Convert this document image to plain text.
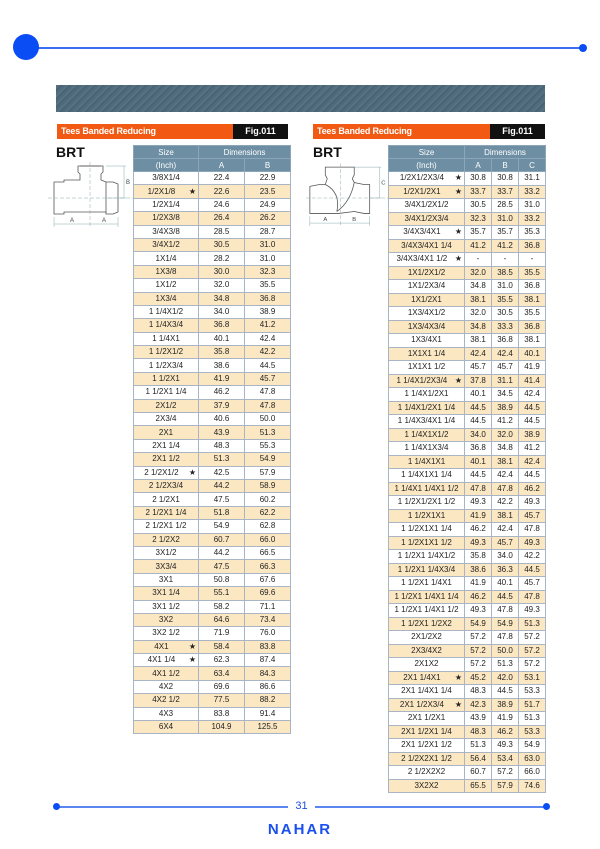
Tees Banded Reducing	Fig.011
BRT
A	A
B
Size	Dimensions	
(Inch)	A	B

3/8X1/4	22.4	22.9

1/2X1/8 ★	22.6	23.5

1/2X1/4	24.6	24.9

1/2X3/8	26.4	26.2

3/4X3/8	28.5	28.7

3/4X1/2	30.5	31.0

1X1/4	28.2	31.0

1X3/8	30.0	32.3

1X1/2	32.0	35.5

1X3/4	34.8	36.8

1 1/4X1/2	34.0	38.9

1 1/4X3/4	36.8	41.2

1 1/4X1	40.1	42.4

1 1/2X1/2	35.8	42.2

1 1/2X3/4	38.6	44.5

1 1/2X1	41.9	45.7

1 1/2X1 1/4	46.2	47.8

2X1/2	37.9	47.8

2X3/4	40.6	50.0

2X1	43.9	51.3

2X1 1/4	48.3	55.3

2X1 1/2	51.3	54.9

2 1/2X1/2 ★	42.5	57.9

2 1/2X3/4	44.2	58.9

2 1/2X1	47.5	60.2

2 1/2X1 1/4	51.8	62.2

2 1/2X1 1/2	54.9	62.8

2 1/2X2	60.7	66.0

3X1/2	44.2	66.5

3X3/4	47.5	66.3

3X1	50.8	67.6

3X1 1/4	55.1	69.6

3X1 1/2	58.2	71.1

3X2	64.6	73.4

3X2 1/2	71.9	76.0

4X1 ★	58.4	83.8

4X1 1/4 ★	62.3	87.4

4X1 1/2	63.4	84.3

4X2	69.6	86.6

4X2 1/2	77.5	88.2

4X3	83.8	91.4

6X4	104.9	125.5
Tees Banded Reducing	Fig.011
BRT
A	B
C
Size	Dimensions		
(Inch)	A	B	C

1/2X1/2X3/4 ★	30.8	30.8	31.1

1/2X1/2X1 ★	33.7	33.7	33.2

3/4X1/2X1/2	30.5	28.5	31.0

3/4X1/2X3/4	32.3	31.0	33.2

3/4X3/4X1 ★	35.7	35.7	35.3

3/4X3/4X1 1/4	41.2	41.2	36.8

3/4X3/4X1 1/2 ★	-	-	-

1X1/2X1/2	32.0	38.5	35.5

1X1/2X3/4	34.8	31.0	36.8

1X1/2X1	38.1	35.5	38.1

1X3/4X1/2	32.0	30.5	35.5

1X3/4X3/4	34.8	33.3	36.8

1X3/4X1	38.1	36.8	38.1

1X1X1 1/4	42.4	42.4	40.1

1X1X1 1/2	45.7	45.7	41.9

1 1/4X1/2X3/4 ★	37.8	31.1	41.4

1 1/4X1/2X1	40.1	34.5	42.4

1 1/4X1/2X1 1/4	44.5	38.9	44.5

1 1/4X3/4X1 1/4	44.5	41.2	44.5

1 1/4X1X1/2	34.0	32.0	38.9

1 1/4X1X3/4	36.8	34.8	41.2

1 1/4X1X1	40.1	38.1	42.4

1 1/4X1X1 1/4	44.5	42.4	44.5

1 1/4X1 1/4X1 1/2	47.8	47.8	46.2

1 1/2X1/2X1 1/2	49.3	42.2	49.3

1 1/2X1X1	41.9	38.1	45.7

1 1/2X1X1 1/4	46.2	42.4	47.8

1 1/2X1X1 1/2	49.3	45.7	49.3

1 1/2X1 1/4X1/2	35.8	34.0	42.2

1 1/2X1 1/4X3/4	38.6	36.3	44.5

1 1/2X1 1/4X1	41.9	40.1	45.7

1 1/2X1 1/4X1 1/4	46.2	44.5	47.8

1 1/2X1 1/4X1 1/2	49.3	47.8	49.3

1 1/2X1 1/2X2	54.9	54.9	51.3

2X1/2X2	57.2	47.8	57.2

2X3/4X2	57.2	50.0	57.2

2X1X2	57.2	51.3	57.2

2X1 1/4X1 ★	45.2	42.0	53.1

2X1 1/4X1 1/4	48.3	44.5	53.3

2X1 1/2X3/4 ★	42.3	38.9	51.7

2X1 1/2X1	43.9	41.9	51.3

2X1 1/2X1 1/4	48.3	46.2	53.3

2X1 1/2X1 1/2	51.3	49.3	54.9

2 1/2X2X1 1/2	56.4	53.4	63.0

2 1/2X2X2	60.7	57.2	66.0

3X2X2	65.5	57.9	74.6
31
NAHAR
